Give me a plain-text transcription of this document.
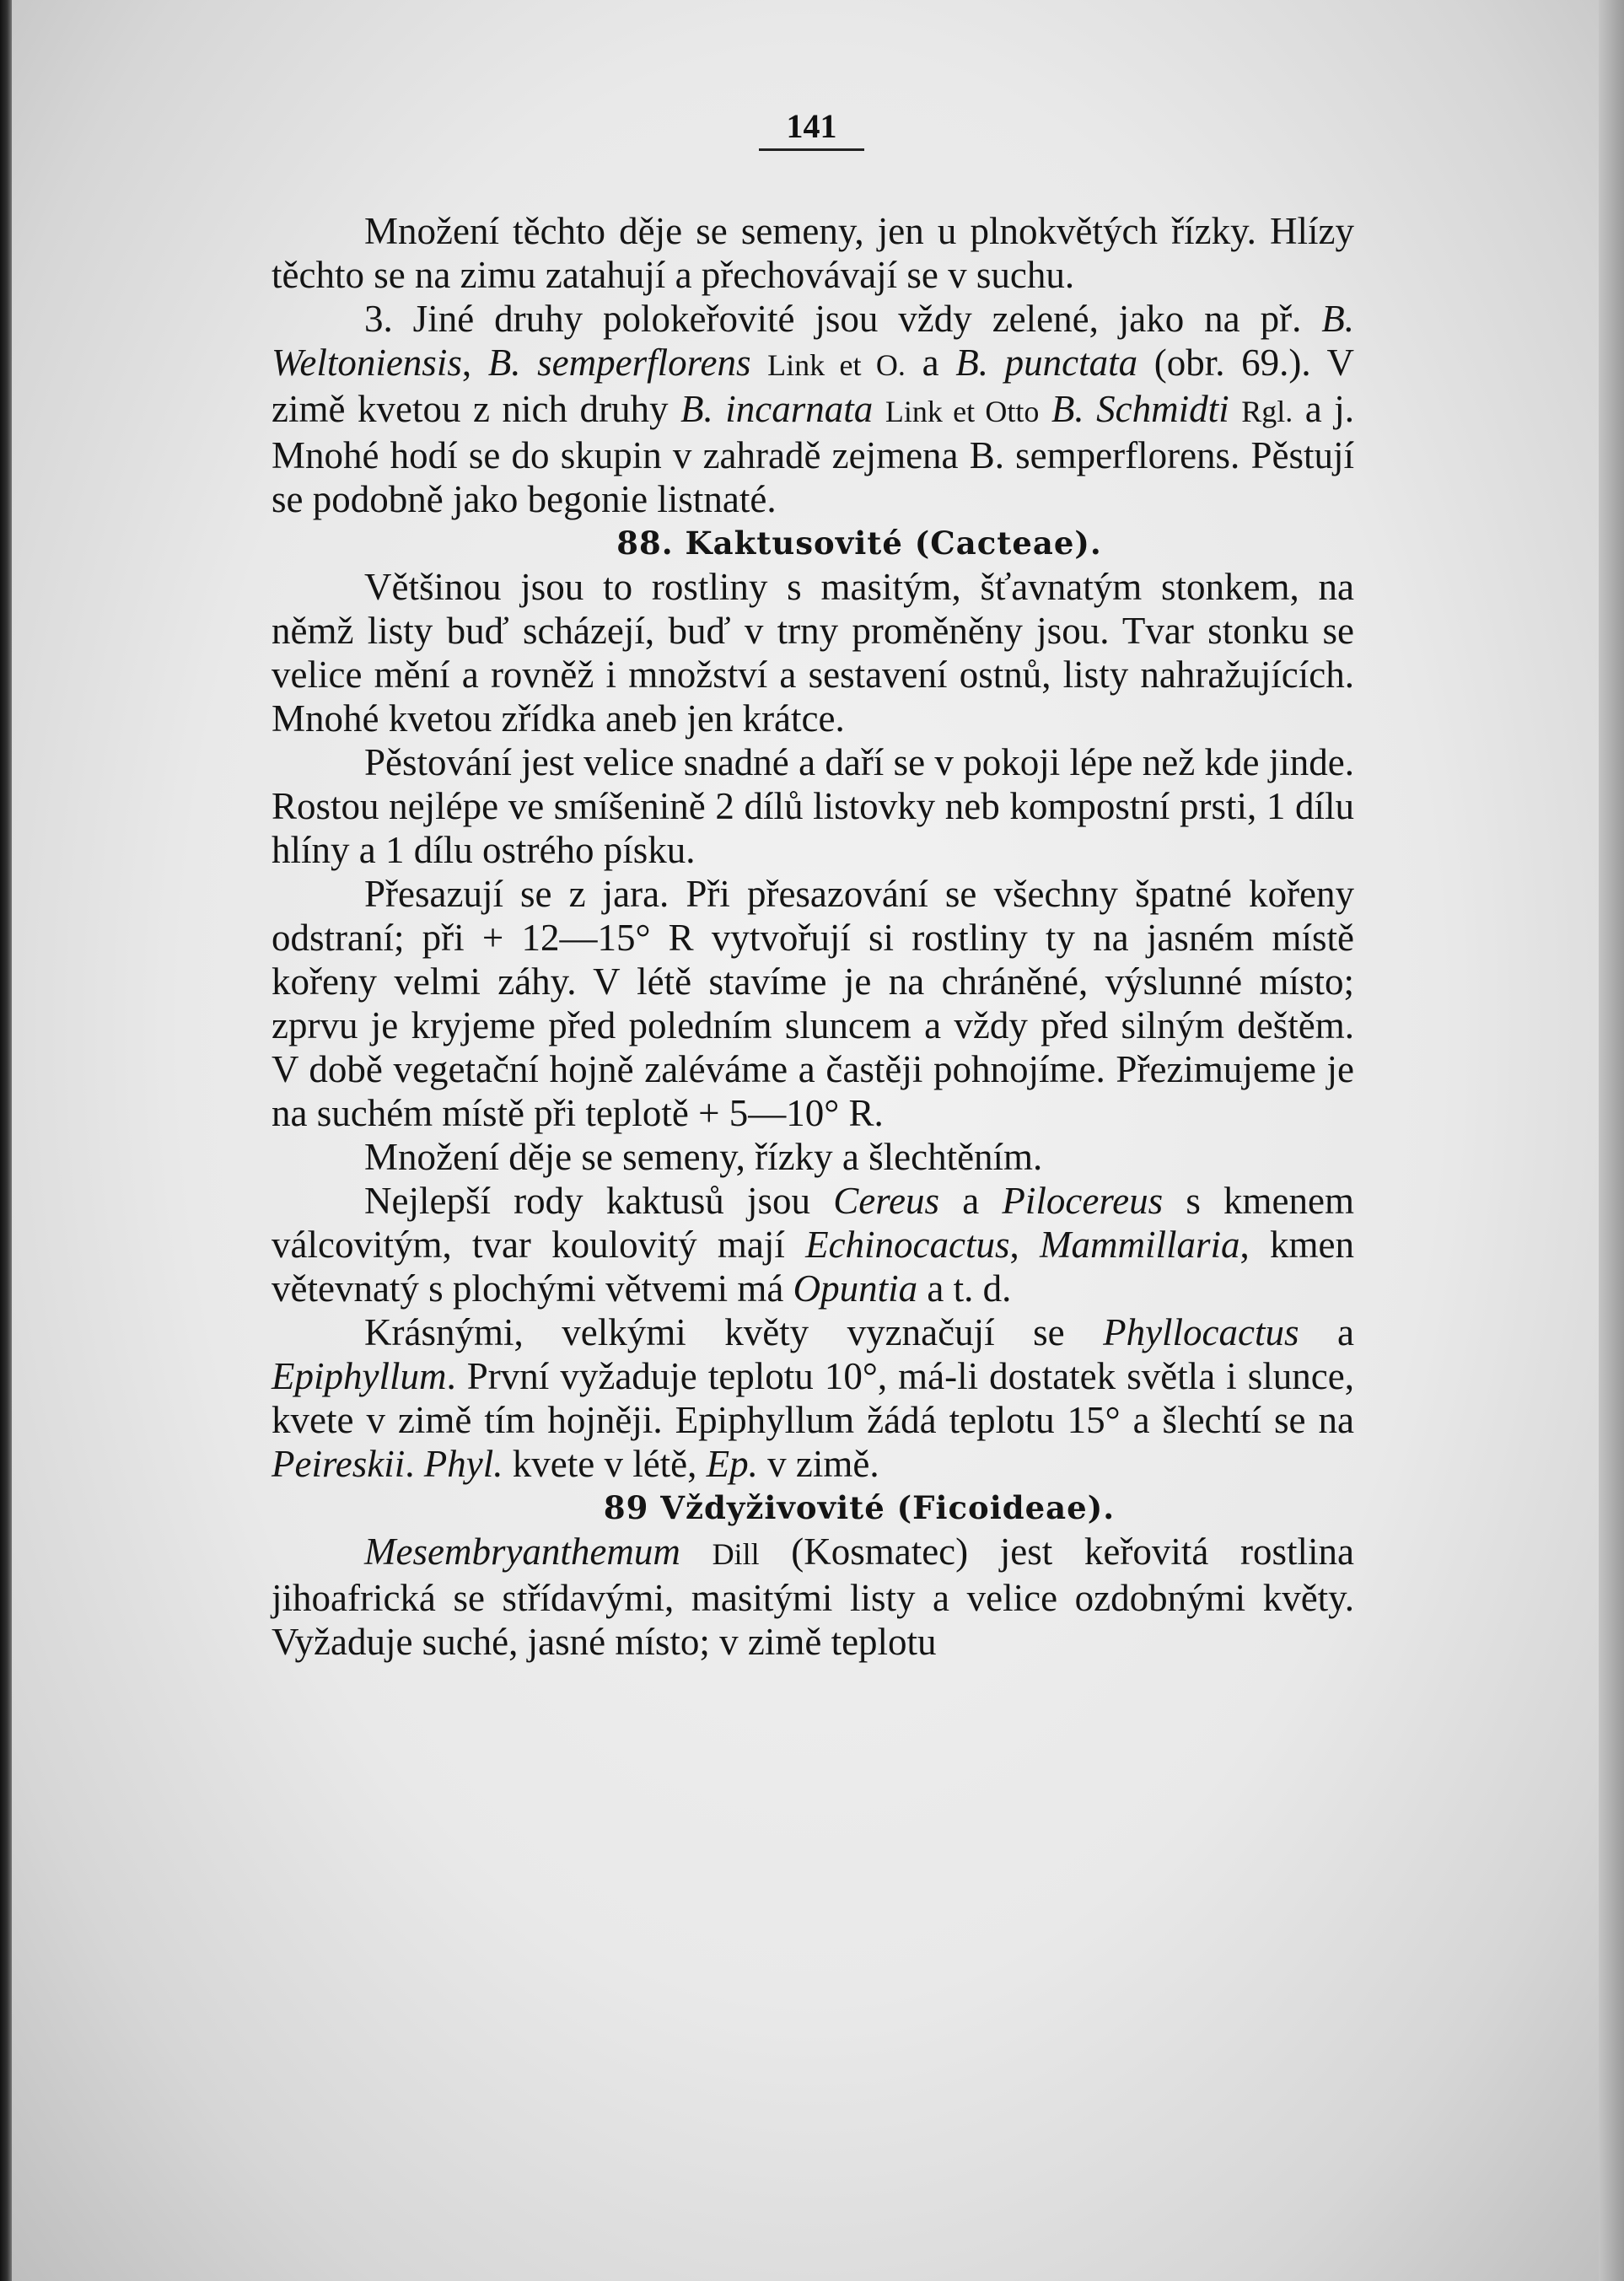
141

Množení těchto děje se semeny, jen u plnokvětých řízky. Hlízy těchto se na zimu zatahují a přechovávají se v suchu.

3. Jiné druhy polokeřovité jsou vždy zelené, jako na př. B. Weltoniensis, B. semperflorens Link et O. a B. punctata (obr. 69.). V zimě kvetou z nich druhy B. incarnata Link et Otto B. Schmidti Rgl. a j. Mnohé hodí se do skupin v zahradě zejmena B. semperflorens. Pěstují se podobně jako begonie listnaté.

88. Kaktusovité (Cacteae).

Většinou jsou to rostliny s masitým, šťavnatým stonkem, na němž listy buď scházejí, buď v trny proměněny jsou. Tvar stonku se velice mění a rovněž i množství a sestavení ostnů, listy nahražujících. Mnohé kvetou zřídka aneb jen krátce.

Pěstování jest velice snadné a daří se v pokoji lépe než kde jinde. Rostou nejlépe ve smíšenině 2 dílů listovky neb kompostní prsti, 1 dílu hlíny a 1 dílu ostrého písku.

Přesazují se z jara. Při přesazování se všechny špatné kořeny odstraní; při + 12—15° R vytvořují si rostliny ty na jasném místě kořeny velmi záhy. V létě stavíme je na chráněné, výslunné místo; zprvu je kryjeme před poledním sluncem a vždy před silným deštěm. V době vegetační hojně zaléváme a častěji pohnojíme. Přezimujeme je na suchém místě při teplotě + 5—10° R.

Množení děje se semeny, řízky a šlechtěním.

Nejlepší rody kaktusů jsou Cereus a Pilocereus s kmenem válcovitým, tvar koulovitý mají Echinocactus, Mammillaria, kmen větevnatý s plochými větvemi má Opuntia a t. d.

Krásnými, velkými květy vyznačují se Phyllocactus a Epiphyllum. První vyžaduje teplotu 10°, má-li dostatek světla i slunce, kvete v zimě tím hojněji. Epiphyllum žádá teplotu 15° a šlechtí se na Peireskii. Phyl. kvete v létě, Ep. v zimě.

89 Vždyživovité (Ficoideae).

Mesembryanthemum Dill (Kosmatec) jest keřovitá rostlina jihoafrická se střídavými, masitými listy a velice ozdobnými květy. Vyžaduje suché, jasné místo; v zimě teplotu
